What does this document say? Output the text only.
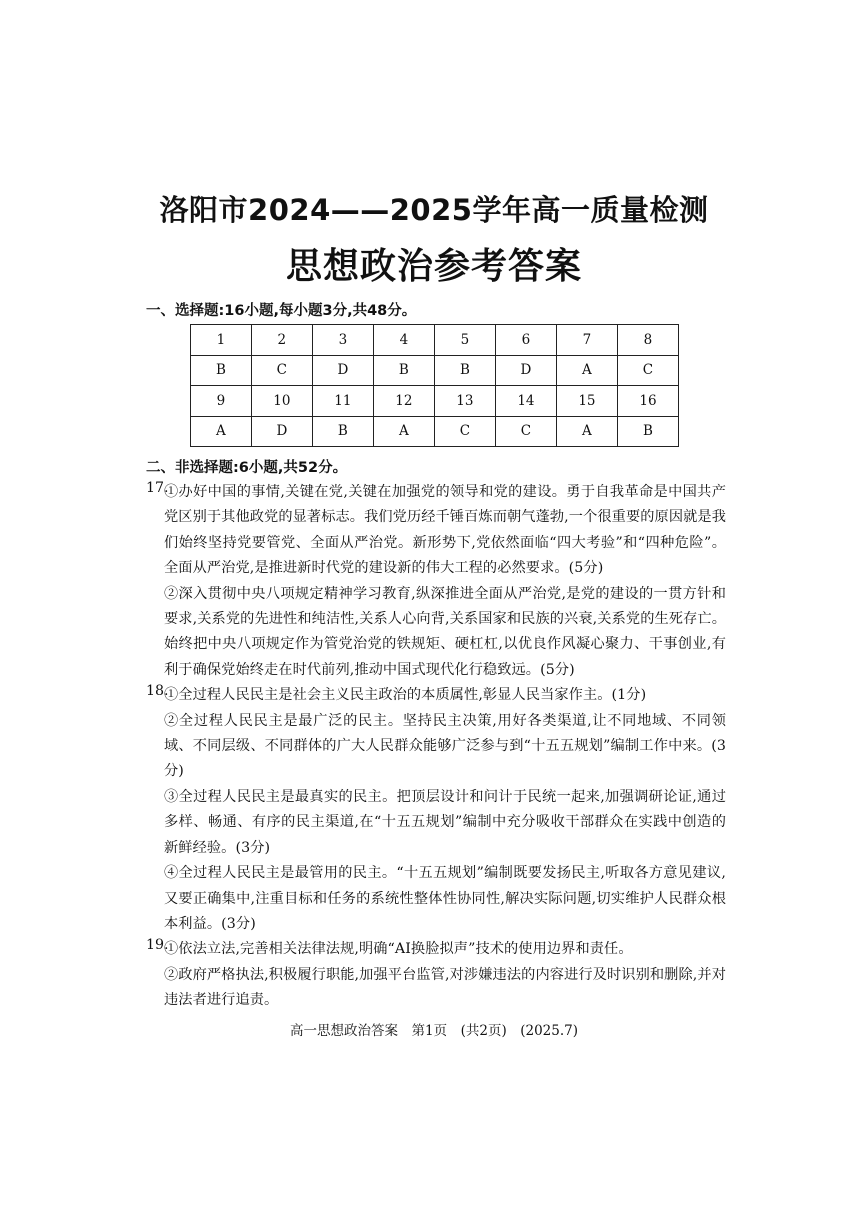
洛阳市2024——2025学年高一质量检测
思想政治参考答案
一、选择题:16小题,每小题3分,共48分。
1	2	3	4	5	6	7	8
B	C	D	B	B	D	A	C
9	10	11	12	13	14	15	16
A	D	B	A	C	C	A	B
二、非选择题:6小题,共52分。
17.

①办好中国的事情,关键在党,关键在加强党的领导和党的建设。勇于自我革命是中国共产党区别于其他政党的显著标志。我们党历经千锤百炼而朝气蓬勃,一个很重要的原因就是我们始终坚持党要管党、全面从严治党。新形势下,党依然面临“四大考验”和“四种危险”。全面从严治党,是推进新时代党的建设新的伟大工程的必然要求。(5分)

②深入贯彻中央八项规定精神学习教育,纵深推进全面从严治党,是党的建设的一贯方针和要求,关系党的先进性和纯洁性,关系人心向背,关系国家和民族的兴衰,关系党的生死存亡。始终把中央八项规定作为管党治党的铁规矩、硬杠杠,以优良作风凝心聚力、干事创业,有利于确保党始终走在时代前列,推动中国式现代化行稳致远。(5分)

18.

①全过程人民民主是社会主义民主政治的本质属性,彰显人民当家作主。(1分)

②全过程人民民主是最广泛的民主。坚持民主决策,用好各类渠道,让不同地域、不同领域、不同层级、不同群体的广大人民群众能够广泛参与到“十五五规划”编制工作中来。(3分)

③全过程人民民主是最真实的民主。把顶层设计和问计于民统一起来,加强调研论证,通过多样、畅通、有序的民主渠道,在“十五五规划”编制中充分吸收干部群众在实践中创造的新鲜经验。(3分)

④全过程人民民主是最管用的民主。“十五五规划”编制既要发扬民主,听取各方意见建议,又要正确集中,注重目标和任务的系统性整体性协同性,解决实际问题,切实维护人民群众根本利益。(3分)

19.

①依法立法,完善相关法律法规,明确“AI换脸拟声”技术的使用边界和责任。

②政府严格执法,积极履行职能,加强平台监管,对涉嫌违法的内容进行及时识别和删除,并对违法者进行追责。

高一思想政治答案　第1页　(共2页)　(2025.7)
